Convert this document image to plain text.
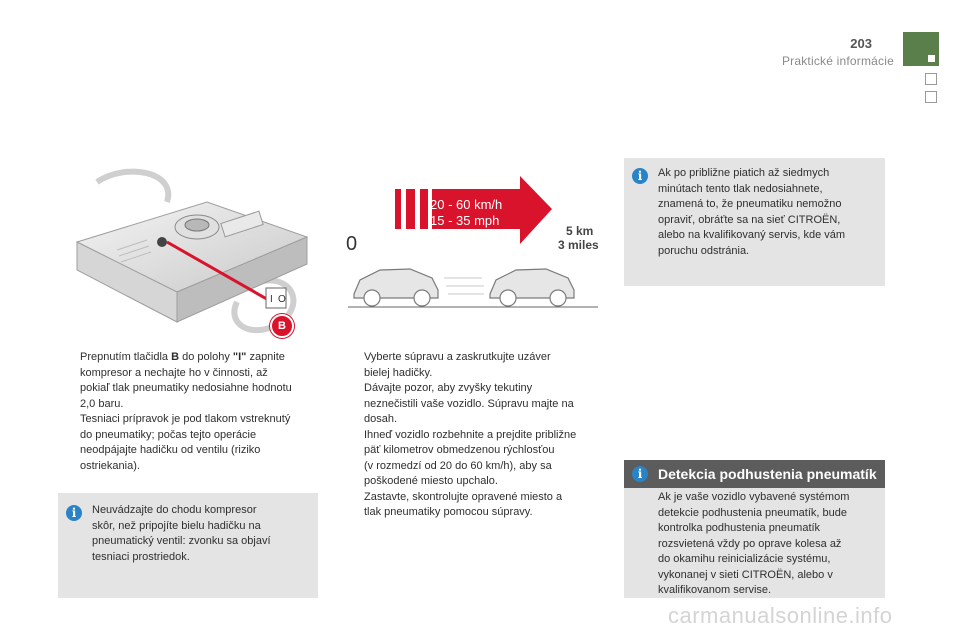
203
Praktické informácie
I O
B
20 - 60 km/h
15 - 35 mph
0
5 km
3 miles
Prepnutím tlačidla B do polohy "I" zapnite
kompresor a nechajte ho v činnosti, až
pokiaľ tlak pneumatiky nedosiahne hodnotu
2,0 baru.
Tesniaci prípravok je pod tlakom vstreknutý
do pneumatiky; počas tejto operácie
neodpájajte hadičku od ventilu (riziko
ostriekania).
i	Neuvádzajte do chodu kompresor
skôr, než pripojíte bielu hadičku na
pneumatický ventil: zvonku sa objaví
tesniaci prostriedok.
Vyberte súpravu a zaskrutkujte uzáver
bielej hadičky.
Dávajte pozor, aby zvyšky tekutiny
neznečistili vaše vozidlo. Súpravu majte na
dosah.
Ihneď vozidlo rozbehnite a prejdite približne
päť kilometrov obmedzenou rýchlosťou
(v rozmedzí od 20 do 60 km/h), aby sa
poškodené miesto upchalo.
Zastavte, skontrolujte opravené miesto a
tlak pneumatiky pomocou súpravy.
i	Ak po približne piatich až siedmych
minútach tento tlak nedosiahnete,
znamená to, že pneumatiku nemožno
opraviť, obráťte sa na sieť CITROËN,
alebo na kvalifikovaný servis, kde vám
poruchu odstránia.
i	Detekcia podhustenia pneumatík
Ak je vaše vozidlo vybavené systémom
detekcie podhustenia pneumatík, bude
kontrolka podhustenia pneumatík
rozsvietená vždy po oprave kolesa až
do okamihu reinicializácie systému,
vykonanej v sieti CITROËN, alebo v
kvalifikovanom servise.
carmanualsonline.info
